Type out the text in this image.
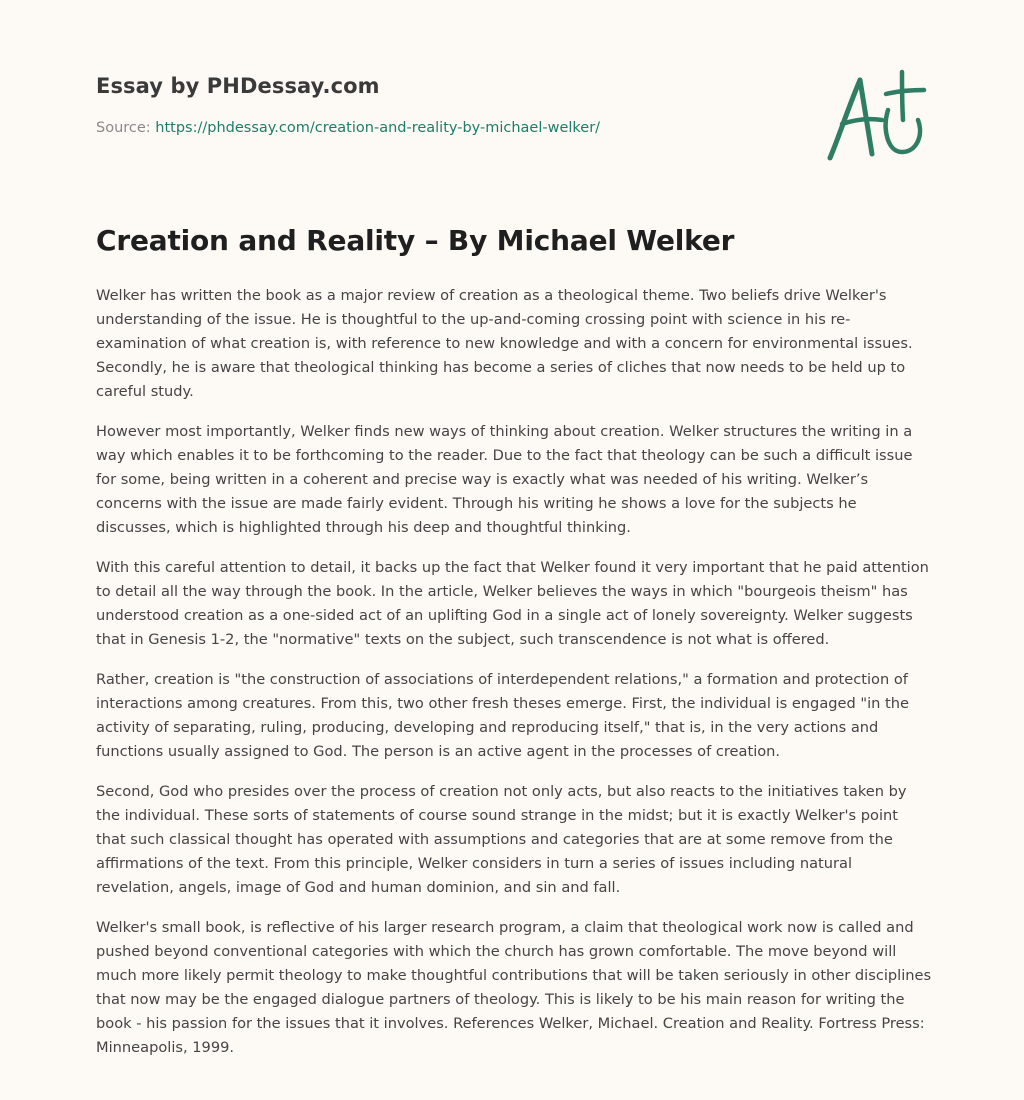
Essay by PHDessay.com
Source: https://phdessay.com/creation-and-reality-by-michael-welker/
Creation and Reality – By Michael Welker

Welker has written the book as a major review of creation as a theological theme. Two beliefs drive Welker's understanding of the issue. He is thoughtful to the up-and-coming crossing point with science in his re-examination of what creation is, with reference to new knowledge and with a concern for environmental issues. Secondly, he is aware that theological thinking has become a series of cliches that now needs to be held up to careful study.

However most importantly, Welker finds new ways of thinking about creation. Welker structures the writing in a way which enables it to be forthcoming to the reader. Due to the fact that theology can be such a difficult issue for some, being written in a coherent and precise way is exactly what was needed of his writing. Welker’s concerns with the issue are made fairly evident. Through his writing he shows a love for the subjects he discusses, which is highlighted through his deep and thoughtful thinking.

With this careful attention to detail, it backs up the fact that Welker found it very important that he paid attention to detail all the way through the book. In the article, Welker believes the ways in which "bourgeois theism" has understood creation as a one-sided act of an uplifting God in a single act of lonely sovereignty. Welker suggests that in Genesis 1-2, the "normative" texts on the subject, such transcendence is not what is offered.

Rather, creation is "the construction of associations of interdependent relations," a formation and protection of interactions among creatures. From this, two other fresh theses emerge. First, the individual is engaged "in the activity of separating, ruling, producing, developing and reproducing itself," that is, in the very actions and functions usually assigned to God. The person is an active agent in the processes of creation.

Second, God who presides over the process of creation not only acts, but also reacts to the initiatives taken by the individual. These sorts of statements of course sound strange in the midst; but it is exactly Welker's point that such classical thought has operated with assumptions and categories that are at some remove from the affirmations of the text. From this principle, Welker considers in turn a series of issues including natural revelation, angels, image of God and human dominion, and sin and fall.

Welker's small book, is reflective of his larger research program, a claim that theological work now is called and pushed beyond conventional categories with which the church has grown comfortable. The move beyond will much more likely permit theology to make thoughtful contributions that will be taken seriously in other disciplines that now may be the engaged dialogue partners of theology. This is likely to be his main reason for writing the book - his passion for the issues that it involves. References Welker, Michael. Creation and Reality. Fortress Press: Minneapolis, 1999.
